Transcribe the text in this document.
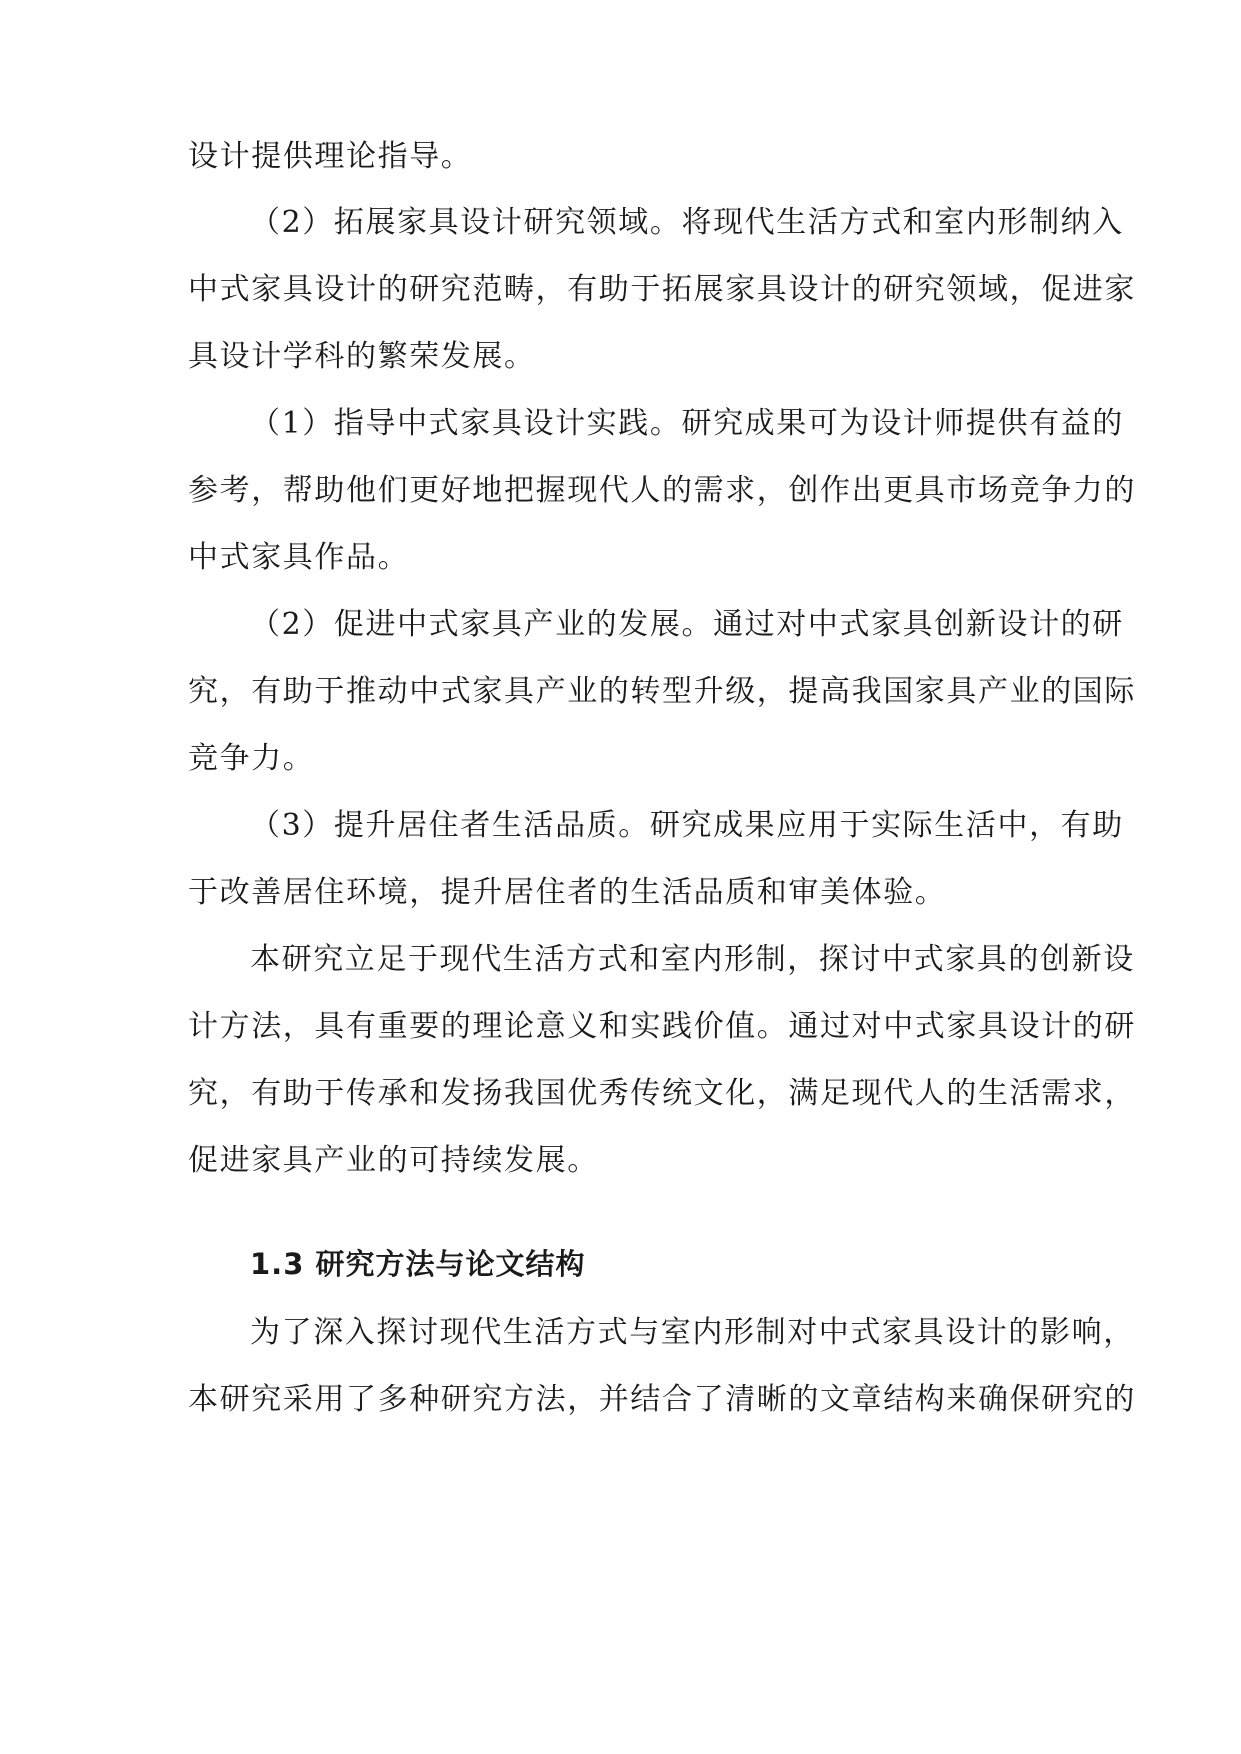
设计提供理论指导。
（2）拓展家具设计研究领域。将现代生活方式和室内形制纳入
中式家具设计的研究范畴，有助于拓展家具设计的研究领域，促进家
具设计学科的繁荣发展。
（1）指导中式家具设计实践。研究成果可为设计师提供有益的
参考，帮助他们更好地把握现代人的需求，创作出更具市场竞争力的
中式家具作品。
（2）促进中式家具产业的发展。通过对中式家具创新设计的研
究，有助于推动中式家具产业的转型升级，提高我国家具产业的国际
竞争力。
（3）提升居住者生活品质。研究成果应用于实际生活中，有助
于改善居住环境，提升居住者的生活品质和审美体验。
本研究立足于现代生活方式和室内形制，探讨中式家具的创新设
计方法，具有重要的理论意义和实践价值。通过对中式家具设计的研
究，有助于传承和发扬我国优秀传统文化，满足现代人的生活需求，
促进家具产业的可持续发展。
1.3 研究方法与论文结构
为了深入探讨现代生活方式与室内形制对中式家具设计的影响，
本研究采用了多种研究方法，并结合了清晰的文章结构来确保研究的
